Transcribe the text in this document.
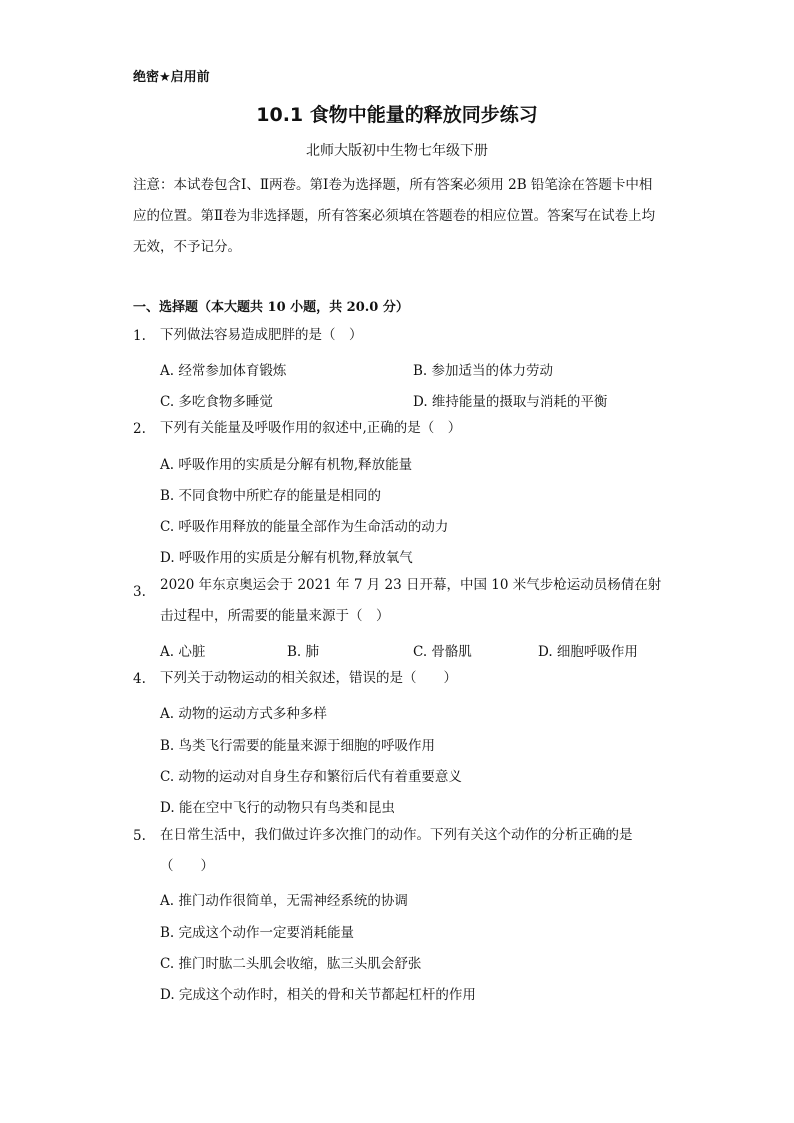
绝密★启用前
10.1 食物中能量的释放同步练习
北师大版初中生物七年级下册
注意：本试卷包含Ⅰ、Ⅱ两卷。第Ⅰ卷为选择题，所有答案必须用 2B 铅笔涂在答题卡中相应的位置。第Ⅱ卷为非选择题，所有答案必须填在答题卷的相应位置。答案写在试卷上均无效，不予记分。
一、选择题（本大题共 10 小题，共 20.0 分）
1.	下列做法容易造成肥胖的是（　）
A. 经常参加体育锻炼	B. 参加适当的体力劳动
C. 多吃食物多睡觉	D. 维持能量的摄取与消耗的平衡
2.	下列有关能量及呼吸作用的叙述中,正确的是（　）
A. 呼吸作用的实质是分解有机物,释放能量
B. 不同食物中所贮存的能量是相同的
C. 呼吸作用释放的能量全部作为生命活动的动力
D. 呼吸作用的实质是分解有机物,释放氧气
3.	2020 年东京奥运会于 2021 年 7 月 23 日开幕，中国 10 米气步枪运动员杨倩在射击过程中，所需要的能量来源于（　）
A. 心脏	B. 肺	C. 骨骼肌	D. 细胞呼吸作用
4.	下列关于动物运动的相关叙述，错误的是（　　）
A. 动物的运动方式多种多样
B. 鸟类飞行需要的能量来源于细胞的呼吸作用
C. 动物的运动对自身生存和繁衍后代有着重要意义
D. 能在空中飞行的动物只有鸟类和昆虫
5.	在日常生活中，我们做过许多次推门的动作。下列有关这个动作的分析正确的是（　　）
A. 推门动作很简单，无需神经系统的协调
B. 完成这个动作一定要消耗能量
C. 推门时肱二头肌会收缩，肱三头肌会舒张
D. 完成这个动作时，相关的骨和关节都起杠杆的作用
